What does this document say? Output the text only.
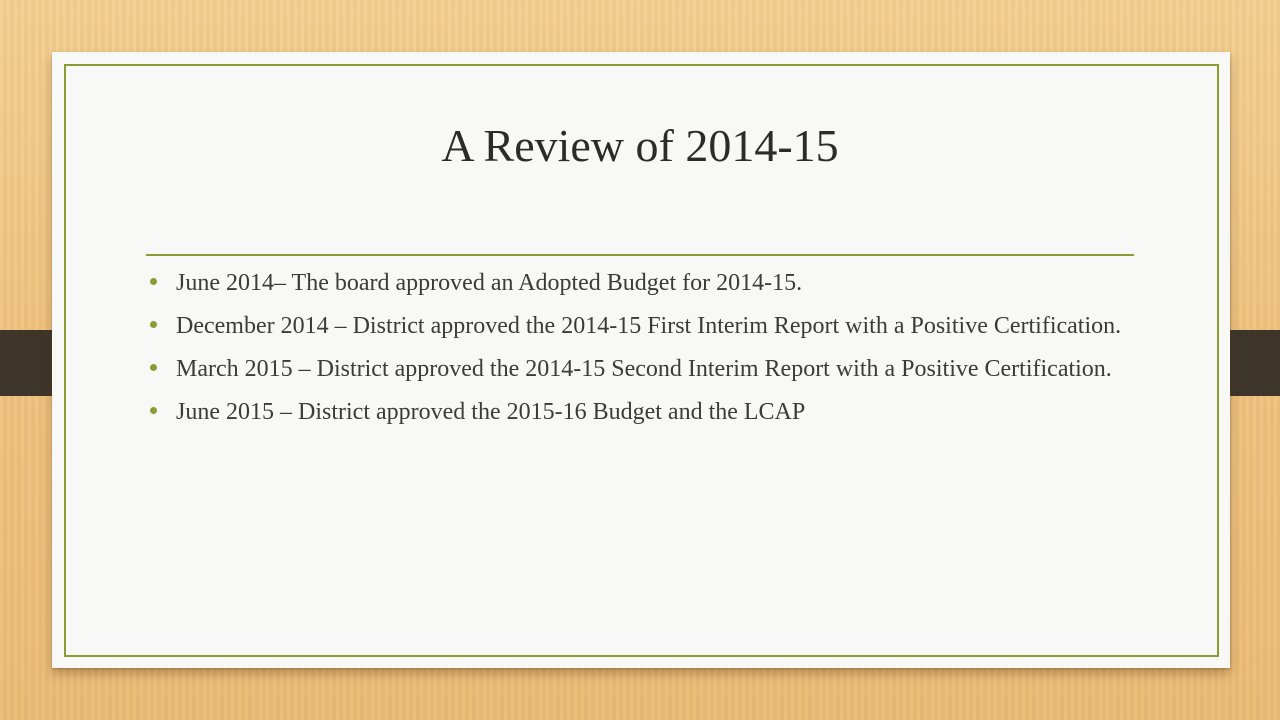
A Review of 2014-15
June 2014– The board approved an Adopted Budget for 2014-15.
December 2014 – District approved the 2014-15 First Interim Report with a Positive Certification.
March 2015 – District approved the 2014-15 Second Interim Report with a Positive Certification.
June 2015 – District approved the 2015-16 Budget and the LCAP
